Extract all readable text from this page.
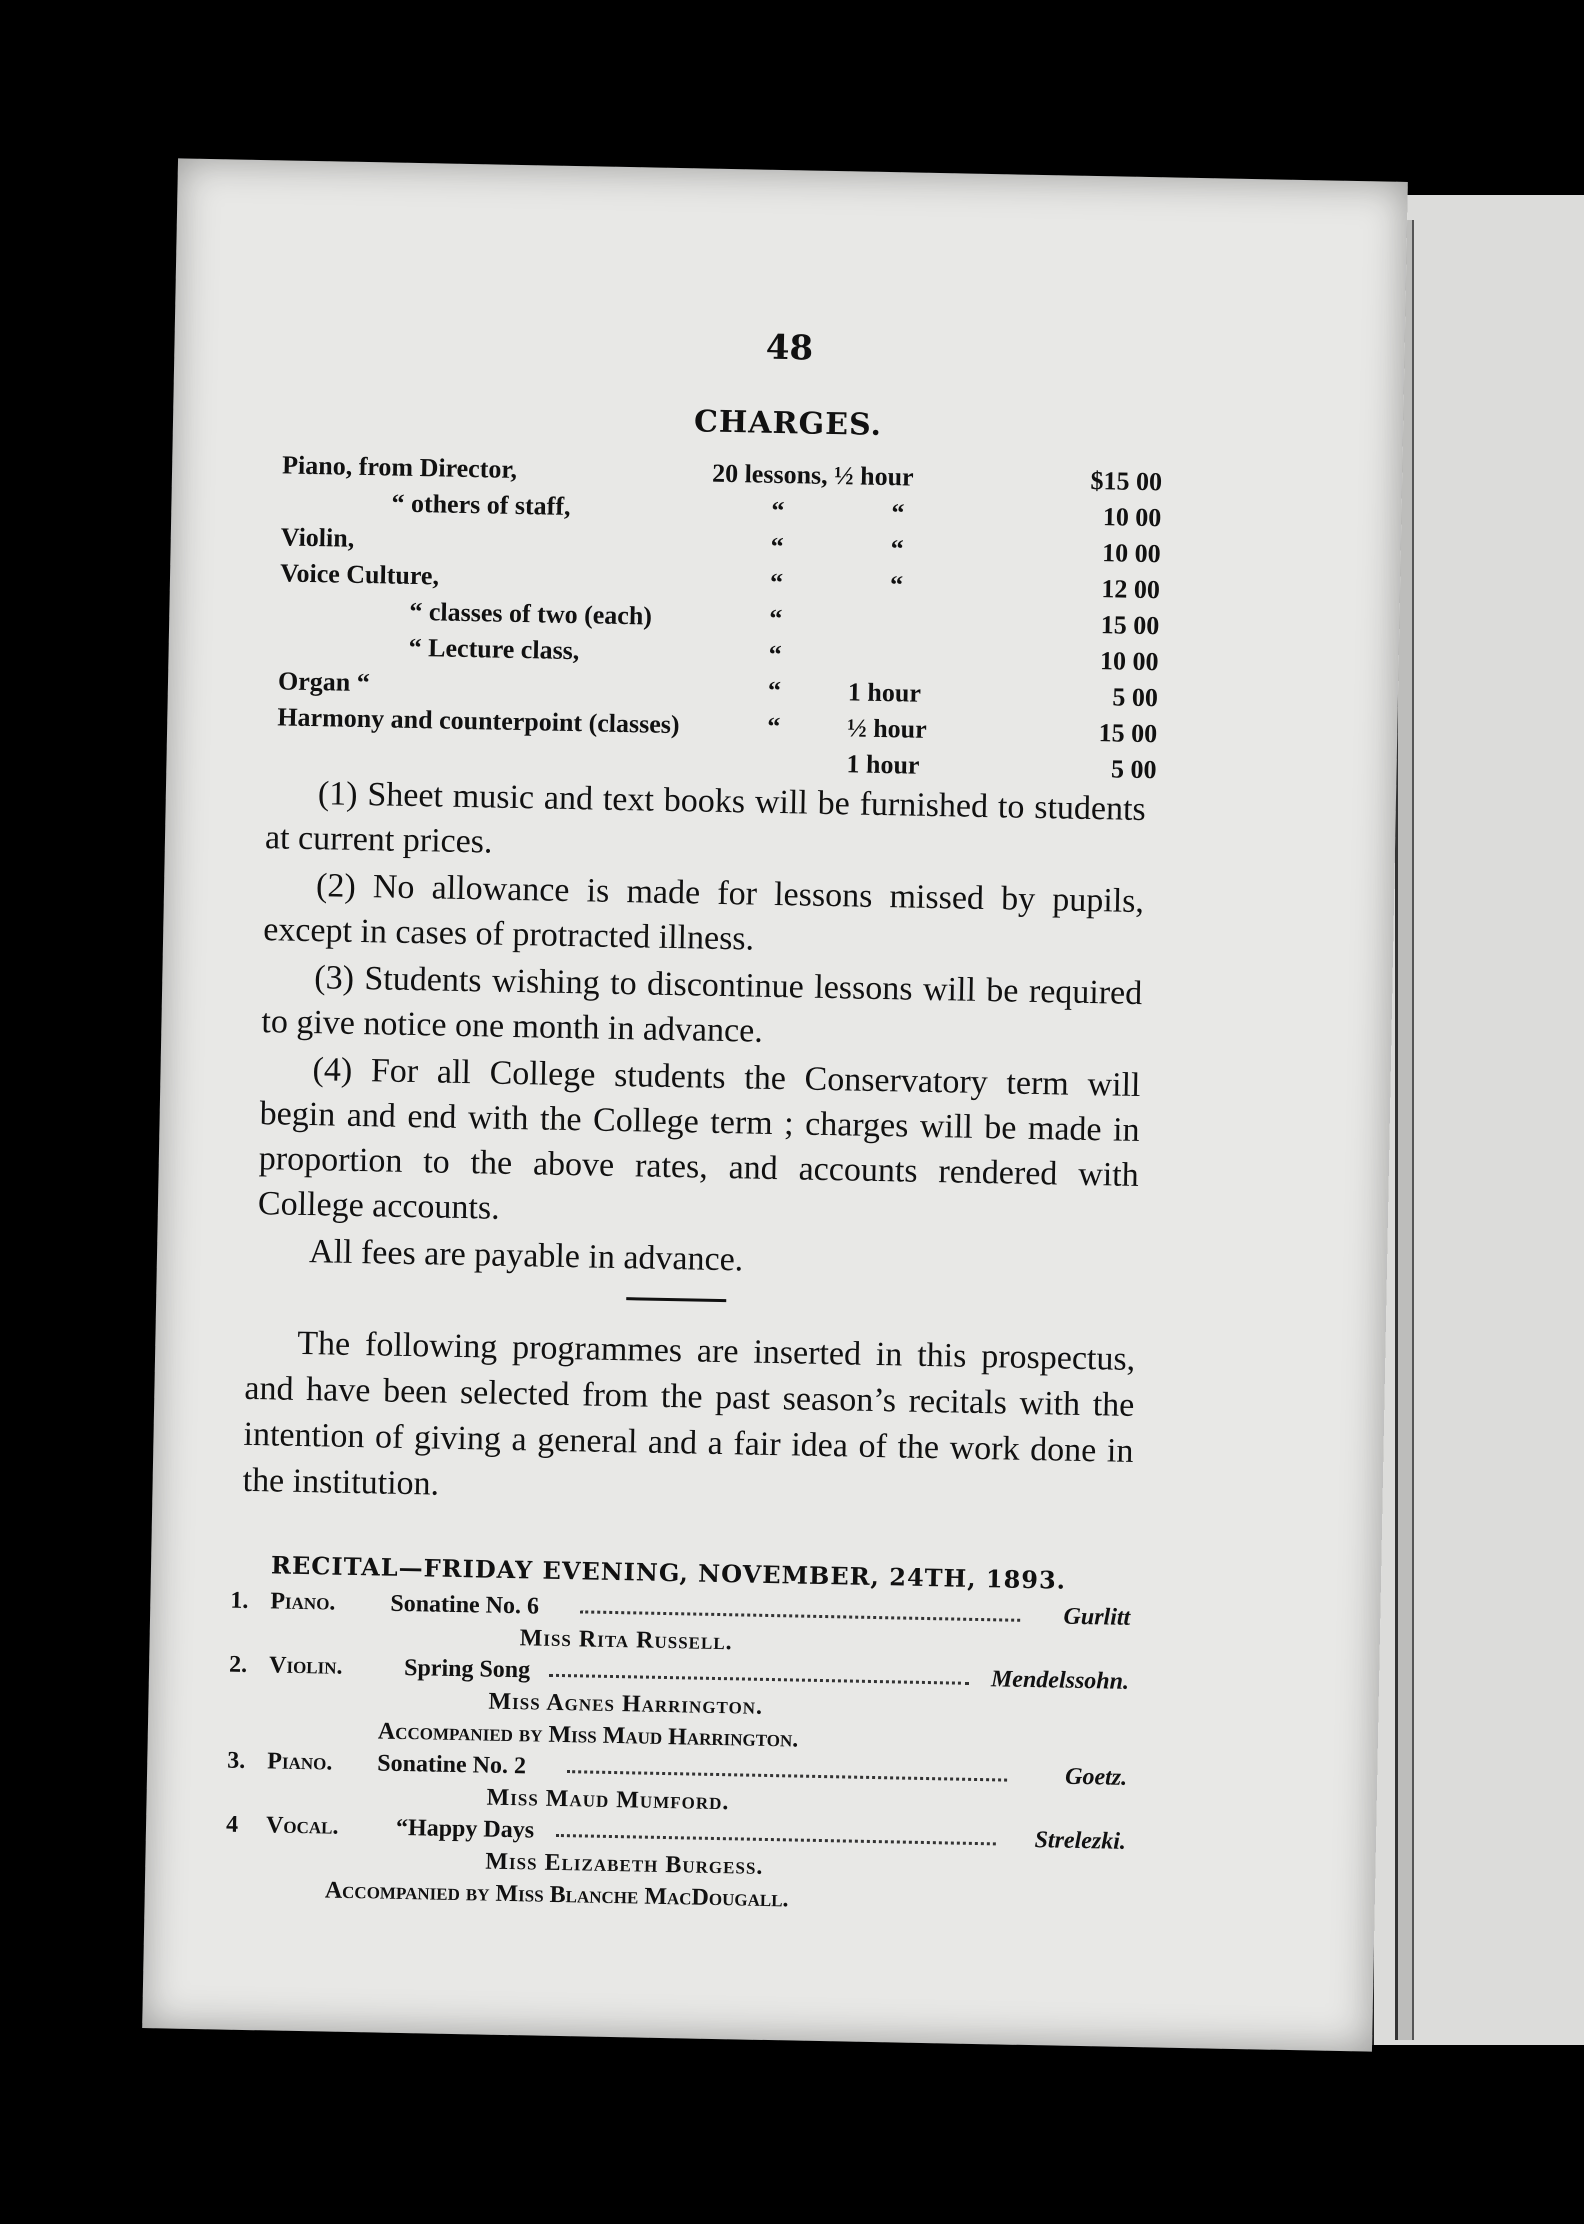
48
CHARGES.
Piano, from Director,	20 lessons, ½ hour	$15 00
“ others of staff,	“	“	10 00
Violin,	“	“	10 00
Voice Culture,	“	“	12 00
“ classes of two (each)	“	15 00
“ Lecture class,	“	10 00
Organ “	“	1 hour	5 00
Harmony and counterpoint (classes)	“	½ hour	15 00
1 hour	5 00

(1) Sheet music and text books will be furnished to students at current prices.

(2) No allowance is made for lessons missed by pupils, except in cases of protracted illness.

(3) Students wishing to discontinue lessons will be required to give notice one month in advance.

(4) For all College students the Conservatory term will begin and end with the College term ; charges will be made in proportion to the above rates, and accounts rendered with College accounts.

All fees are payable in advance.

The following programmes are inserted in this prospectus, and have been selected from the past season’s recitals with the intention of giving a general and a fair idea of the work done in the institution.
RECITAL—FRIDAY EVENING, NOVEMBER, 24TH, 1893.
1. Piano. Sonatine No. 6	Gurlitt
Miss Rita Russell.
2. Violin.	Spring Song	Mendelssohn.
Miss Agnes Harrington.
Accompanied by Miss Maud Harrington.
3. Piano. Sonatine No. 2	Goetz.
Miss Maud Mumford.
4 Vocal. “Happy Days	Strelezki.
Miss Elizabeth Burgess.
Accompanied by Miss Blanche MacDougall.
